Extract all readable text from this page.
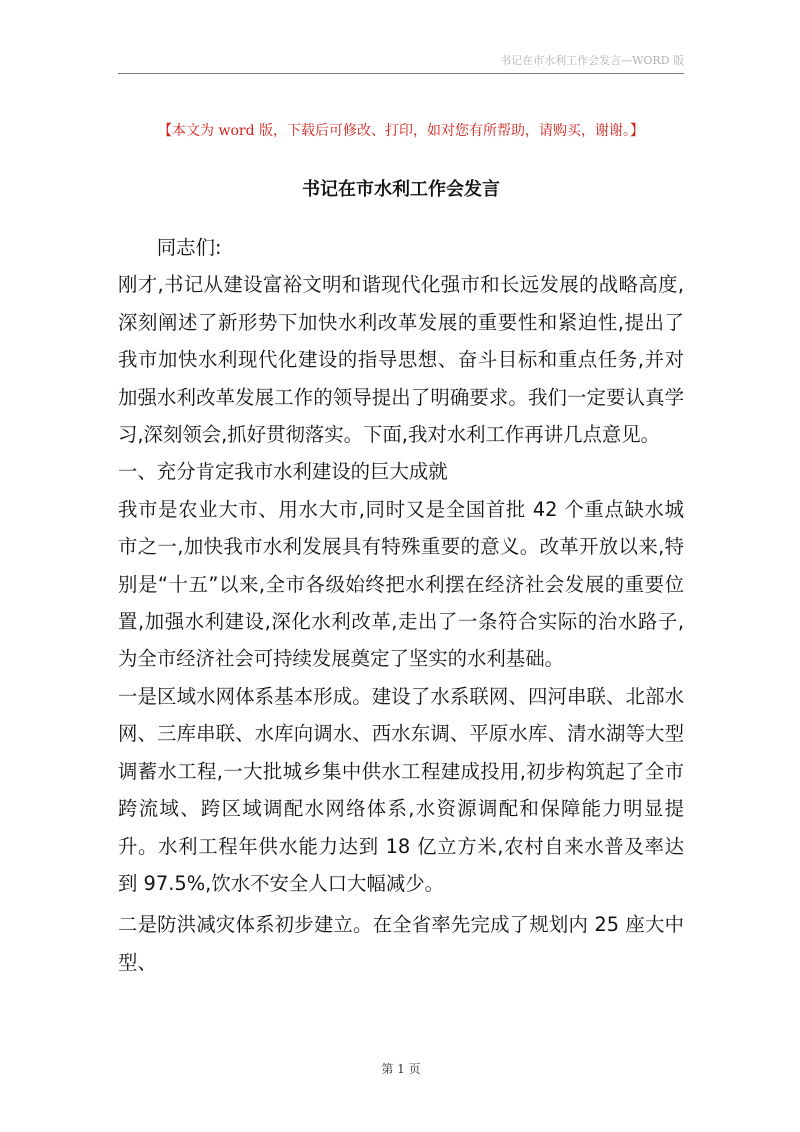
书记在市水利工作会发言—WORD 版
【本文为 word 版，下载后可修改、打印，如对您有所帮助，请购买，谢谢。】
书记在市水利工作会发言

同志们:

刚才,书记从建设富裕文明和谐现代化强市和长远发展的战略高度,深刻阐述了新形势下加快水利改革发展的重要性和紧迫性,提出了我市加快水利现代化建设的指导思想、奋斗目标和重点任务,并对加强水利改革发展工作的领导提出了明确要求。我们一定要认真学习,深刻领会,抓好贯彻落实。下面,我对水利工作再讲几点意见。

一、充分肯定我市水利建设的巨大成就

我市是农业大市、用水大市,同时又是全国首批 42 个重点缺水城市之一,加快我市水利发展具有特殊重要的意义。改革开放以来,特别是“十五”以来,全市各级始终把水利摆在经济社会发展的重要位置,加强水利建设,深化水利改革,走出了一条符合实际的治水路子,为全市经济社会可持续发展奠定了坚实的水利基础。

一是区域水网体系基本形成。建设了水系联网、四河串联、北部水网、三库串联、水库向调水、西水东调、平原水库、清水湖等大型调蓄水工程,一大批城乡集中供水工程建成投用,初步构筑起了全市跨流域、跨区域调配水网络体系,水资源调配和保障能力明显提升。水利工程年供水能力达到 18 亿立方米,农村自来水普及率达到 97.5%,饮水不安全人口大幅减少。

二是防洪减灾体系初步建立。在全省率先完成了规划内 25 座大中型、

第 1 页
